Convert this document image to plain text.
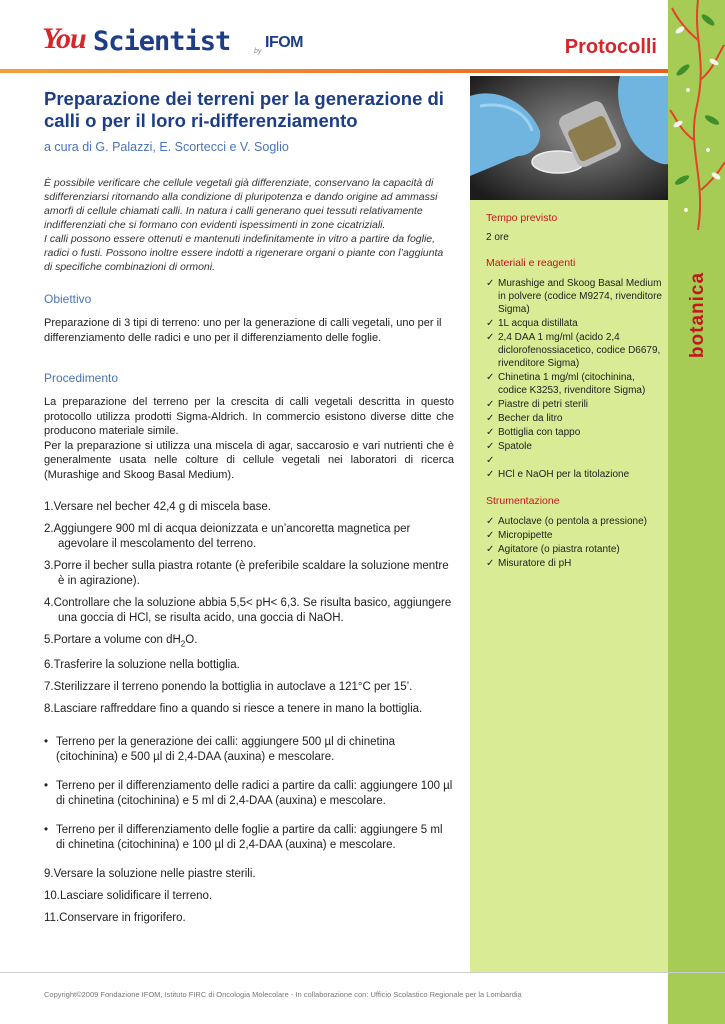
You Scientist	by
IFOM	Protocolli
botanica
Tempo previsto
2 ore
Materiali e reagenti
✓ Murashige and Skoog Basal Medium in polvere (codice M9274, rivenditore Sigma)
✓ 1L acqua distillata
✓ 2,4 DAA 1 mg/ml (acido 2,4 diclorofenossiacetico, codice D6679, rivenditore Sigma)
✓ Chinetina 1 mg/ml (citochinina, codice K3253, rivenditore Sigma)
✓ Piastre di petri sterili
✓ Becher da litro
✓ Bottiglia con tappo
✓ Spatole
✓
✓ HCl e NaOH per la titolazione
Strumentazione
✓ Autoclave (o pentola a pressione)
✓ Micropipette
✓ Agitatore (o piastra rotante)
✓ Misuratore di pH
Preparazione dei terreni per la generazione di calli o per il loro ri-differenziamento
a cura di G. Palazzi, E. Scortecci e V. Soglio

È possibile verificare che cellule vegetali già differenziate, conservano la capacità di sdifferenziarsi ritornando alla condizione di pluripotenza e dando origine ad ammassi amorfi di cellule chiamati calli. In natura i calli generano quei tessuti relativamente indifferenziati che si formano con evidenti ispessimenti in zone cicatriziali.

I calli possono essere ottenuti e mantenuti indefinitamente in vitro a partire da foglie, radici o fusti. Possono inoltre essere indotti a rigenerare organi o piante con l’aggiunta di specifiche combinazioni di ormoni.

Obiettivo

Preparazione di 3 tipi di terreno: uno per la generazione di calli vegetali, uno per il differenziamento delle radici e uno per il differenziamento delle foglie.

Procedimento

La preparazione del terreno per la crescita di calli vegetali descritta in questo protocollo utilizza prodotti Sigma-Aldrich. In commercio esistono diverse ditte che producono materiale simile.

Per la preparazione si utilizza una miscela di agar, saccarosio e vari nutrienti che è generalmente usata nelle colture di cellule vegetali nei laboratori di ricerca (Murashige and Skoog Basal Medium).

1.Versare nel becher 42,4 g di miscela base.
2.Aggiungere 900 ml di acqua deionizzata e un’ancoretta magnetica per agevolare il mescolamento del terreno.
3.Porre il becher sulla piastra rotante (è preferibile scaldare la soluzione mentre è in agirazione).
4.Controllare che la soluzione abbia 5,5< pH< 6,3. Se risulta basico, aggiungere una goccia di HCl, se risulta acido, una goccia di NaOH.
5.Portare a volume con $dH_2O$.
6.Trasferire la soluzione nella bottiglia.
7.Sterilizzare il terreno ponendo la bottiglia in autoclave a 121°C per 15’.
8.Lasciare raffreddare fino a quando si riesce a tenere in mano la bottiglia.
• Terreno per la generazione dei calli: aggiungere 500 µl di chinetina (citochinina) e 500 µl di 2,4-DAA (auxina) e mescolare.
• Terreno per il differenziamento delle radici a partire da calli: aggiungere 100 µl di chinetina (citochinina) e 5 ml di 2,4-DAA (auxina) e mescolare.
• Terreno per il differenziamento delle foglie a partire da calli: aggiungere 5 ml di chinetina (citochinina) e 100 µl di 2,4-DAA (auxina) e mescolare.
9.Versare la soluzione nelle piastre sterili.
10.Lasciare solidificare il terreno.
11.Conservare in frigorifero.
Copyright©2009 Fondazione IFOM, Istituto FIRC di Oncologia Molecolare - In collaborazione con: Ufficio Scolastico Regionale per la Lombardia
